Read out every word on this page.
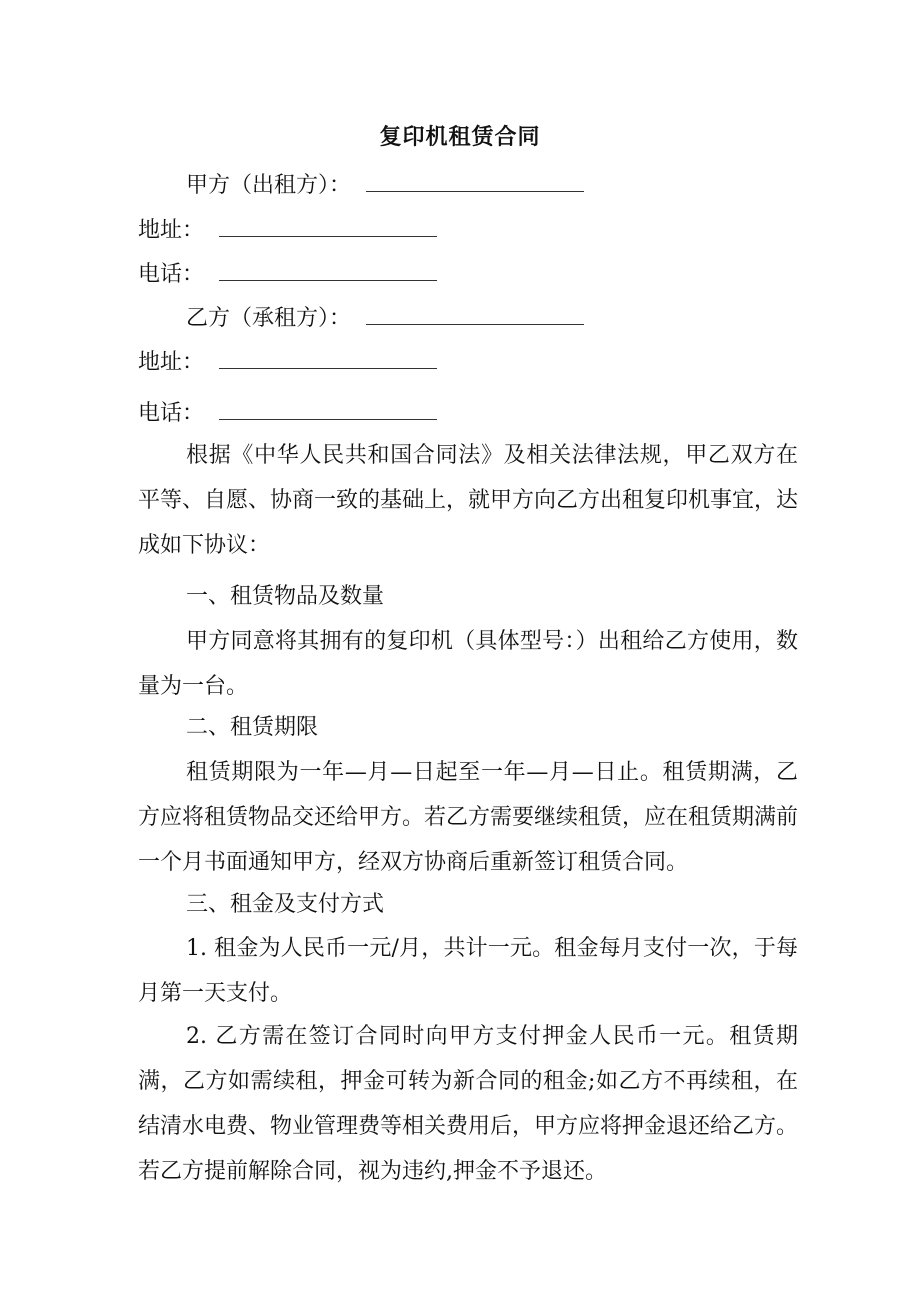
复印机租赁合同
甲方（出租方）：
地址：
电话：
乙方（承租方）：
地址：
电话：
根据《中华人民共和国合同法》及相关法律法规，甲乙双方在平等、自愿、协商一致的基础上，就甲方向乙方出租复印机事宜，达成如下协议：
一、租赁物品及数量
甲方同意将其拥有的复印机（具体型号：）出租给乙方使用，数量为一台。
二、租赁期限
租赁期限为一年—月—日起至一年—月—日止。租赁期满，乙方应将租赁物品交还给甲方。若乙方需要继续租赁，应在租赁期满前一个月书面通知甲方，经双方协商后重新签订租赁合同。
三、租金及支付方式
1. 租金为人民币一元/月，共计一元。租金每月支付一次，于每月第一天支付。
2. 乙方需在签订合同时向甲方支付押金人民币一元。租赁期满，乙方如需续租，押金可转为新合同的租金;如乙方不再续租，在结清水电费、物业管理费等相关费用后，甲方应将押金退还给乙方。若乙方提前解除合同，视为违约,押金不予退还。
